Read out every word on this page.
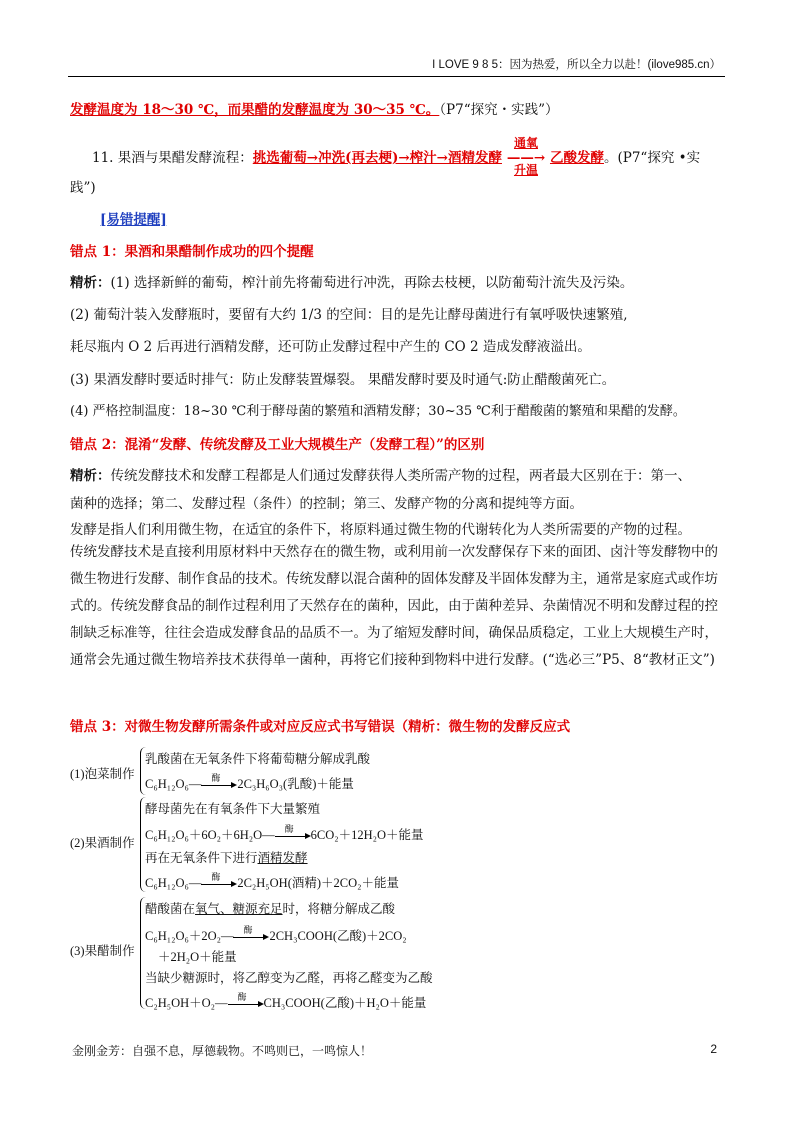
I LOVE 9 8 5：因为热爱，所以全力以赴！(ilove985.cn）
发酵温度为 18～30 ℃，而果醋的发酵温度为 30～35 ℃。（P7“探究・实践”）
11. 果酒与果醋发酵流程：挑选葡萄→冲洗(再去梗)→榨汁→酒精发酵
通氧
——→
升温
乙酸发酵。(P7“探究 •实
践”)
[易错提醒]
错点 1：果酒和果醋制作成功的四个提醒
精析：(1) 选择新鲜的葡萄，榨汁前先将葡萄进行冲洗，再除去枝梗，以防葡萄汁流失及污染。
(2) 葡萄汁装入发酵瓶时，要留有大约 1/3 的空间：目的是先让酵母菌进行有氧呼吸快速繁殖,
耗尽瓶内 O 2 后再进行酒精发酵，还可防止发酵过程中产生的 CO 2 造成发酵液溢出。
(3) 果酒发酵时要适时排气：防止发酵装置爆裂。 果醋发酵时要及时通气:防止醋酸菌死亡。
(4) 严格控制温度：18~30 ℃利于酵母菌的繁殖和酒精发酵；30~35 ℃利于醋酸菌的繁殖和果醋的发酵。
错点 2：混淆“发酵、传统发酵及工业大规模生产（发酵工程）”的区别
精析：传统发酵技术和发酵工程都是人们通过发酵获得人类所需产物的过程，两者最大区别在于：第一、
菌种的选择；第二、发酵过程（条件）的控制；第三、发酵产物的分离和提纯等方面。
发酵是指人们利用微生物，在适宜的条件下，将原料通过微生物的代谢转化为人类所需要的产物的过程。
传统发酵技术是直接利用原材料中天然存在的微生物，或利用前一次发酵保存下来的面团、卤汁等发酵物中的微生物进行发酵、制作食品的技术。传统发酵以混合菌种的固体发酵及半固体发酵为主，通常是家庭式或作坊式的。传统发酵食品的制作过程利用了天然存在的菌种，因此，由于菌种差异、杂菌情况不明和发酵过程的控制缺乏标准等，往往会造成发酵食品的品质不一。为了缩短发酵时间，确保品质稳定，工业上大规模生产时，通常会先通过微生物培养技术获得单一菌种，再将它们接种到物料中进行发酵。(“选必三”P5、8“教材正文”)
错点 3：对微生物发酵所需条件或对应反应式书写错误（精析：微生物的发酵反应式
(1)泡菜制作
乳酸菌在无氧条件下将葡萄糖分解成乳酸
C₆H₁₂O₆— 酶 2C₃H₆O₃(乳酸)＋能量
(2)果酒制作
酵母菌先在有氧条件下大量繁殖
C₆H₁₂O₆＋6O₂＋6H₂O— 酶 6CO₂＋12H₂O＋能量
再在无氧条件下进行酒精发酵
C₆H₁₂O₆— 酶 2C₂H₅OH(酒精)＋2CO₂＋能量
(3)果醋制作
醋酸菌在氧气、糖源充足时，将糖分解成乙酸
C₆H₁₂O₆＋2O₂— 酶 2CH₃COOH(乙酸)＋2CO₂
＋2H₂O＋能量
当缺少糖源时，将乙醇变为乙醛，再将乙醛变为乙酸
C₂H₅OH＋O₂— 酶 CH₃COOH(乙酸)＋H₂O＋能量
金刚金芳：自强不息，厚德载物。不鸣则已，一鸣惊人！	2
